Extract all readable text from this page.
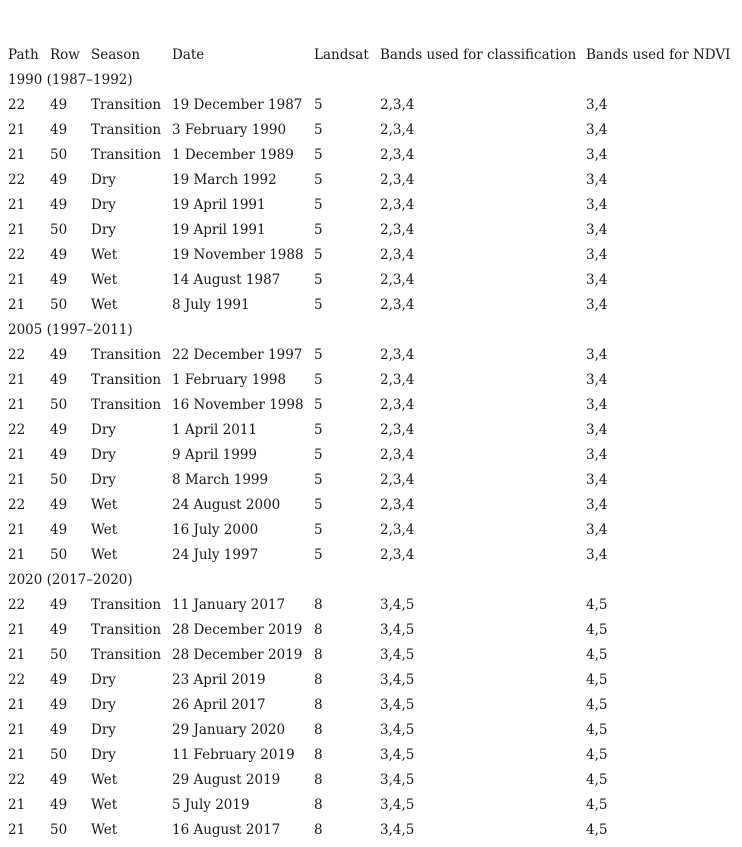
Path	Row	Season	Date	Landsat	Bands used for classification	Bands used for NDVI
1990 (1987–1992)						
22	49	Transition	19 December 1987	5	2,3,4	3,4
21	49	Transition	3 February 1990	5	2,3,4	3,4
21	50	Transition	1 December 1989	5	2,3,4	3,4
22	49	Dry	19 March 1992	5	2,3,4	3,4
21	49	Dry	19 April 1991	5	2,3,4	3,4
21	50	Dry	19 April 1991	5	2,3,4	3,4
22	49	Wet	19 November 1988	5	2,3,4	3,4
21	49	Wet	14 August 1987	5	2,3,4	3,4
21	50	Wet	8 July 1991	5	2,3,4	3,4
2005 (1997–2011)						
22	49	Transition	22 December 1997	5	2,3,4	3,4
21	49	Transition	1 February 1998	5	2,3,4	3,4
21	50	Transition	16 November 1998	5	2,3,4	3,4
22	49	Dry	1 April 2011	5	2,3,4	3,4
21	49	Dry	9 April 1999	5	2,3,4	3,4
21	50	Dry	8 March 1999	5	2,3,4	3,4
22	49	Wet	24 August 2000	5	2,3,4	3,4
21	49	Wet	16 July 2000	5	2,3,4	3,4
21	50	Wet	24 July 1997	5	2,3,4	3,4
2020 (2017–2020)						
22	49	Transition	11 January 2017	8	3,4,5	4,5
21	49	Transition	28 December 2019	8	3,4,5	4,5
21	50	Transition	28 December 2019	8	3,4,5	4,5
22	49	Dry	23 April 2019	8	3,4,5	4,5
21	49	Dry	26 April 2017	8	3,4,5	4,5
21	49	Dry	29 January 2020	8	3,4,5	4,5
21	50	Dry	11 February 2019	8	3,4,5	4,5
22	49	Wet	29 August 2019	8	3,4,5	4,5
21	49	Wet	5 July 2019	8	3,4,5	4,5
21	50	Wet	16 August 2017	8	3,4,5	4,5
